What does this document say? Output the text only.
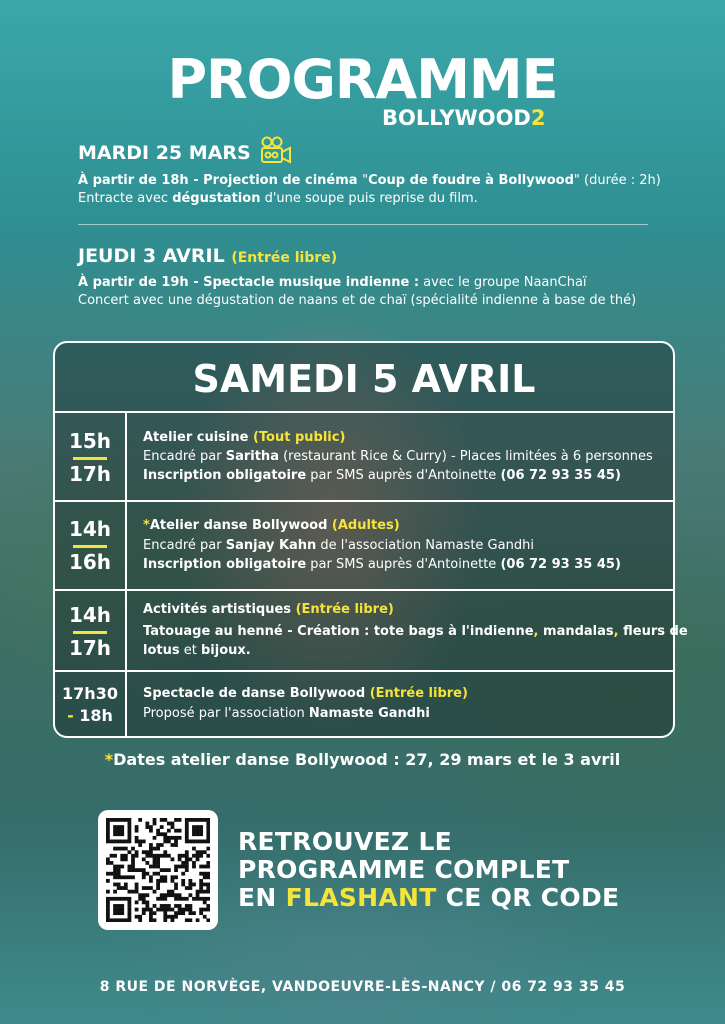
PROGRAMME
BOLLYWOOD2
MARDI 25 MARS
À partir de 18h - Projection de cinéma "Coup de foudre à Bollywood" (durée : 2h)
Entracte avec dégustation d'une soupe puis reprise du film.
JEUDI 3 AVRIL (Entrée libre)
À partir de 19h - Spectacle musique indienne : avec le groupe NaanChaï
Concert avec une dégustation de naans et de chaï (spécialité indienne à base de thé)
SAMEDI 5 AVRIL
15h
17h
Atelier cuisine (Tout public)
Encadré par Saritha (restaurant Rice & Curry) - Places limitées à 6 personnes
Inscription obligatoire par SMS auprès d'Antoinette (06 72 93 35 45)
14h
16h
*Atelier danse Bollywood (Adultes)
Encadré par Sanjay Kahn de l'association Namaste Gandhi
Inscription obligatoire par SMS auprès d'Antoinette (06 72 93 35 45)
14h
17h
Activités artistiques (Entrée libre)
Tatouage au henné - Création : tote bags à l'indienne, mandalas, fleurs de
lotus et bijoux.
17h30
- 18h
Spectacle de danse Bollywood (Entrée libre)
Proposé par l'association Namaste Gandhi
*Dates atelier danse Bollywood : 27, 29 mars et le 3 avril
RETROUVEZ LE
PROGRAMME COMPLET
EN FLASHANT CE QR CODE
8 RUE DE NORVÈGE, VANDOEUVRE-LÈS-NANCY / 06 72 93 35 45
